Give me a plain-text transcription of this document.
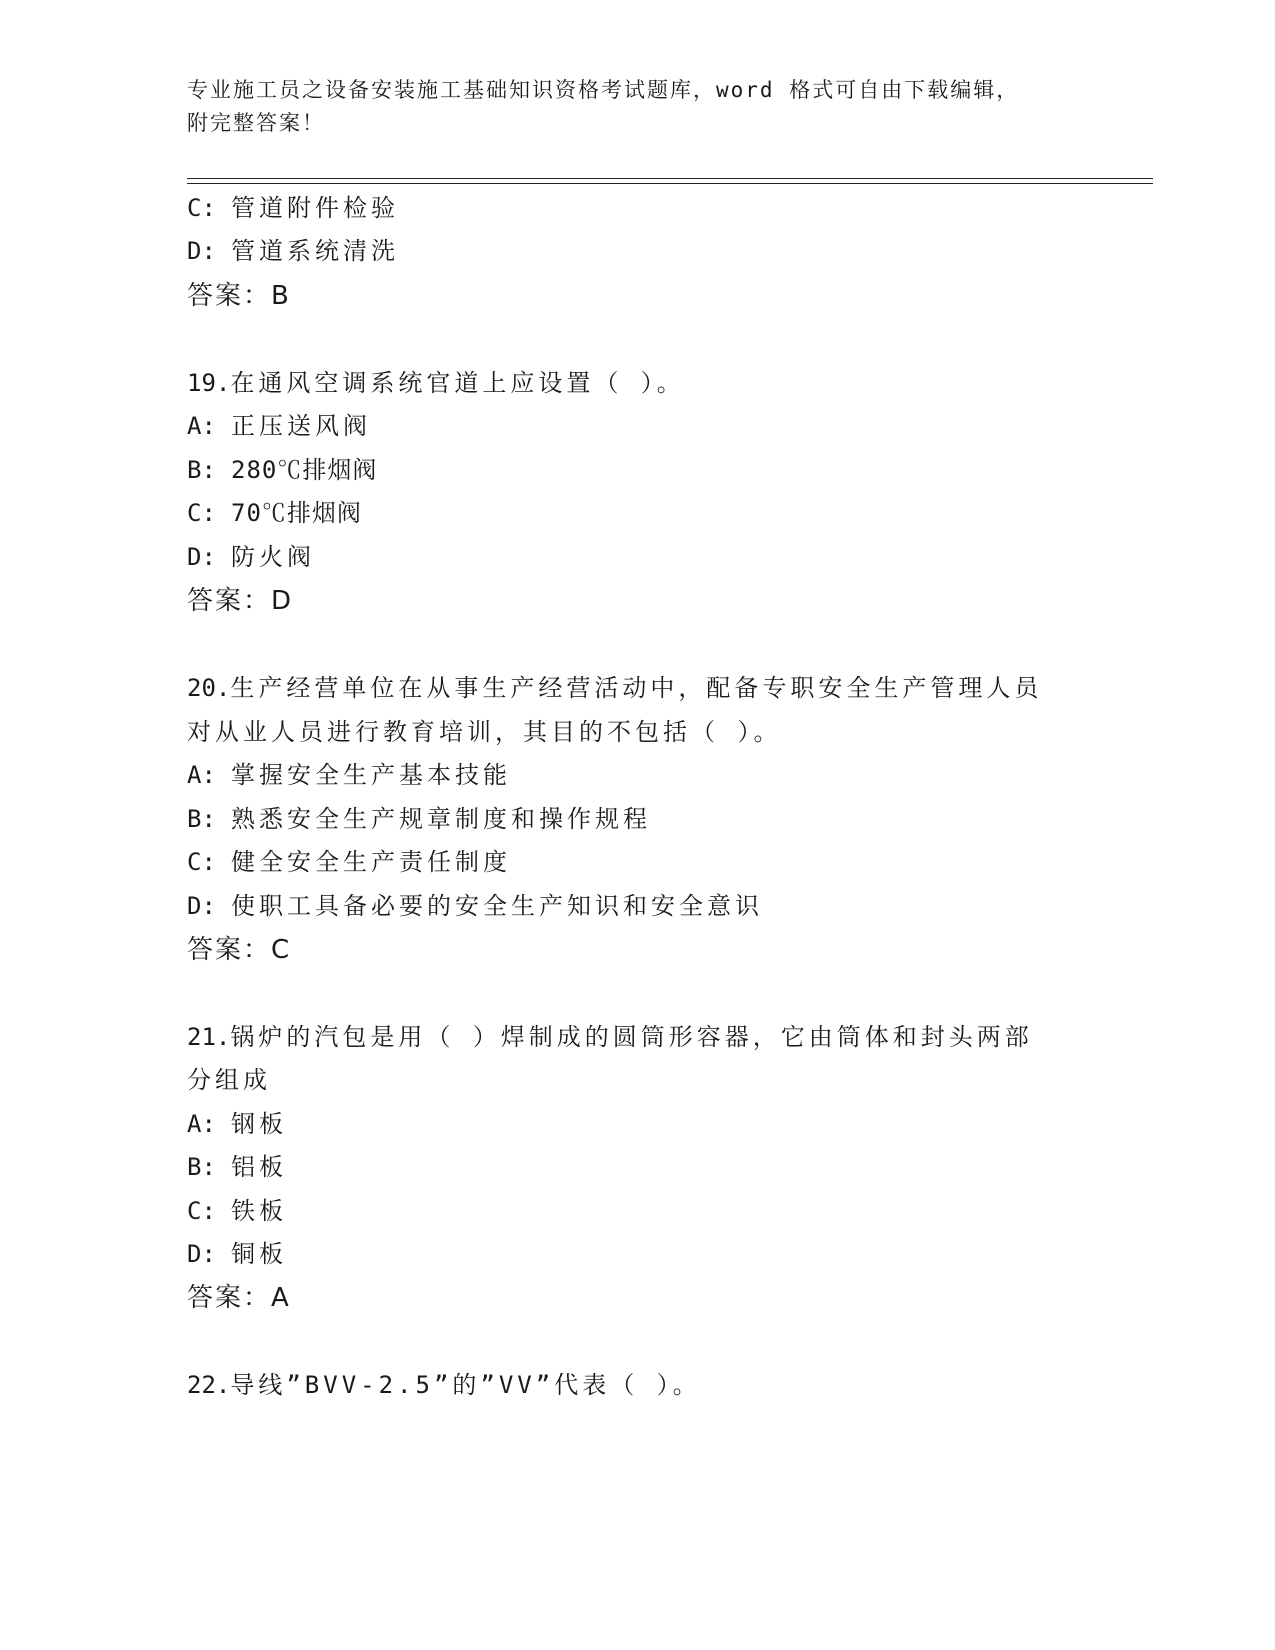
专业施工员之设备安装施工基础知识资格考试题库，word 格式可自由下载编辑，
附完整答案！
C: 管道附件检验
D: 管道系统清洗
答案：B
19.在通风空调系统官道上应设置（ ）。
A: 正压送风阀
B: 280℃排烟阀
C: 70℃排烟阀
D: 防火阀
答案：D
20.生产经营单位在从事生产经营活动中，配备专职安全生产管理人员
对从业人员进行教育培训，其目的不包括（ ）。
A: 掌握安全生产基本技能
B: 熟悉安全生产规章制度和操作规程
C: 健全安全生产责任制度
D: 使职工具备必要的安全生产知识和安全意识
答案：C
21.锅炉的汽包是用（ ）焊制成的圆筒形容器，它由筒体和封头两部
分组成
A: 钢板
B: 铝板
C: 铁板
D: 铜板
答案：A
22.导线”BVV-2.5”的”VV”代表（ ）。
